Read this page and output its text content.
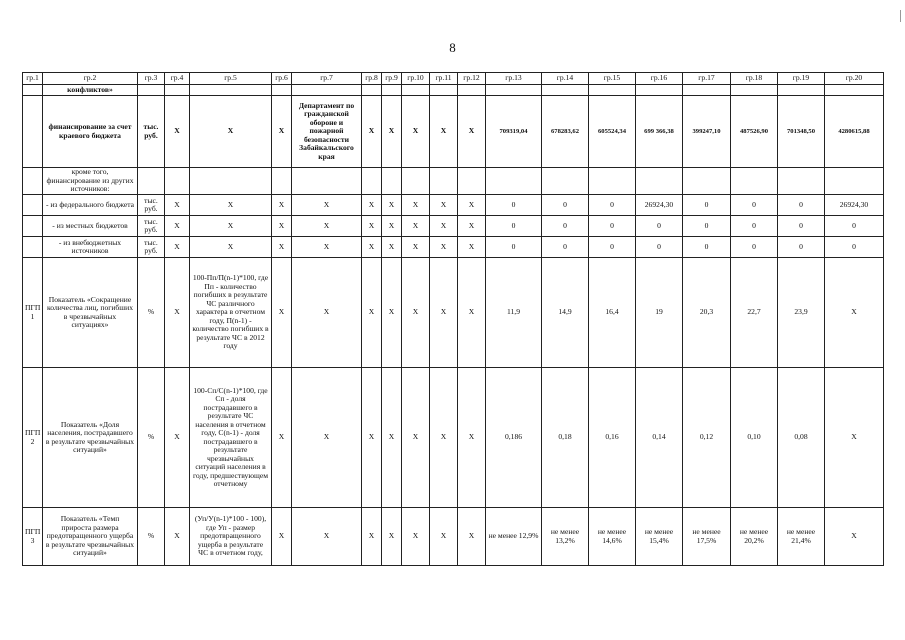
8
гр.1	гр.2	гр.3	гр.4	гр.5	гр.6	гр.7	гр.8	гр.9	гр.10	гр.11	гр.12	гр.13	гр.14	гр.15	гр.16	гр.17	гр.18	гр.19	гр.20
	конфликтов»																		
	финансирование за счет краевого бюджета	тыс. руб.	Х	Х	Х	Департамент по гражданской обороне и пожарной безопасности Забайкальского края	Х	Х	Х	Х	Х	709319,04	678283,62	605524,34	699 366,38	399247,10	487526,90	701348,50	4280615,88
	кроме того, финансирование из других источников:																		
	- из федерального бюджета	тыс. руб.	Х	Х	Х	Х	Х	Х	Х	Х	Х	0	0	0	26924,30	0	0	0	26924,30
	- из местных бюджетов	тыс. руб.	Х	Х	Х	Х	Х	Х	Х	Х	Х	0	0	0	0	0	0	0	0
	- из внебюджетных источников	тыс. руб.	Х	Х	Х	Х	Х	Х	Х	Х	Х	0	0	0	0	0	0	0	0
ПГП 1	Показатель «Сокращение количества лиц, погибших в чрезвычайных ситуациях»	%	Х	100-Пп/П(n-1)*100, где Пп - количество погибших в результате ЧС различного характера в отчетном году, П(n-1) - количество погибших в результате ЧС в 2012 году	Х	Х	Х	Х	Х	Х	Х	11,9	14,9	16,4	19	20,3	22,7	23,9	Х
ПГП 2	Показатель «Доля населения, пострадавшего в результате чрезвычайных ситуаций»	%	Х	100-Сп/С(n-1)*100, где Сп - доля пострадавшего в результате ЧС населения в отчетном году, С(n-1) - доля пострадавшего в результате чрезвычайных ситуаций населения в году, предшествующем отчетному	Х	Х	Х	Х	Х	Х	Х	0,186	0,18	0,16	0,14	0,12	0,10	0,08	Х
ПГП 3	Показатель «Темп прироста размера предотвращенного ущерба в результате чрезвычайных ситуаций»	%	Х	(Уп/У(n-1)*100 - 100), где Уп - размер предотвращенного ущерба в результате ЧС в отчетном году,	Х	Х	Х	Х	Х	Х	Х	не менее 12,9%	не менее 13,2%	не менее 14,6%	не менее 15,4%	не менее 17,5%	не менее 20,2%	не менее 21,4%	Х
